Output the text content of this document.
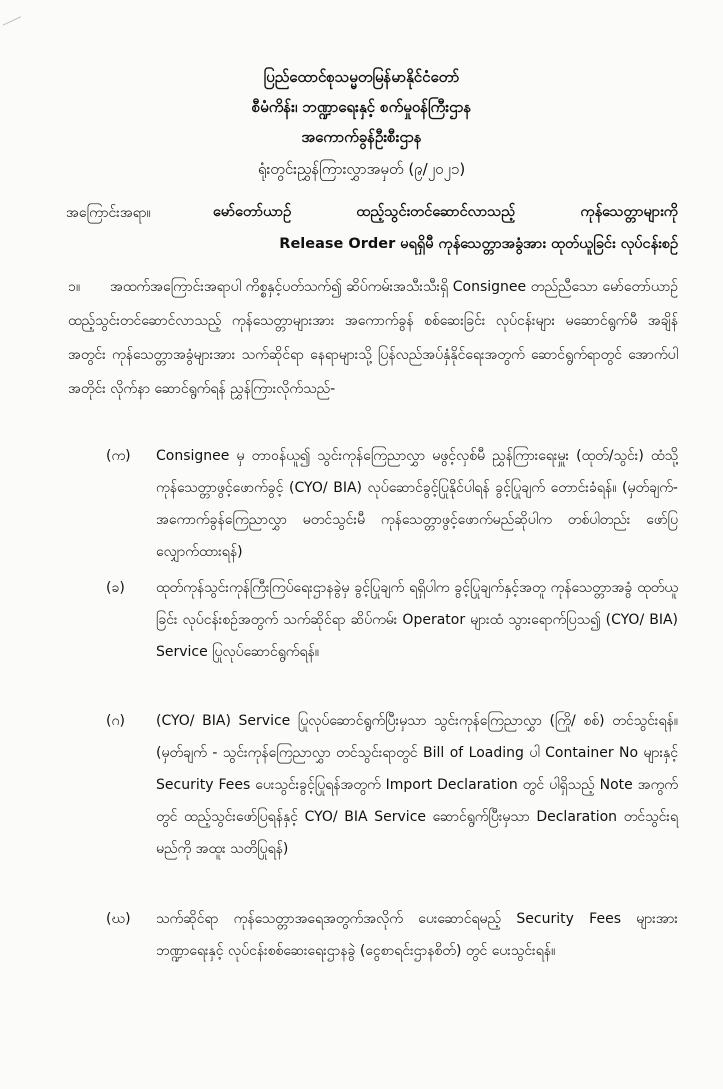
ပြည်ထောင်စုသမ္မတမြန်မာနိုင်ငံတော်
စီမံကိန်း၊ ဘဏ္ဍာရေးနှင့် စက်မှုဝန်ကြီးဌာန
အကောက်ခွန်ဦးစီးဌာန
ရုံးတွင်းညွှန်ကြားလွှာအမှတ် (၉/၂၀၂၁)
အကြောင်းအရာ။	မော်တော်ယာဉ် ထည့်သွင်းတင်ဆောင်လာသည့် ကုန်သေတ္တာများကို
Release Order မရရှိမီ ကုန်သေတ္တာအခွံအား ထုတ်ယူခြင်း လုပ်ငန်းစဉ်
၁။ အထက်အကြောင်းအရာပါ ကိစ္စနှင့်ပတ်သက်၍ ဆိပ်ကမ်းအသီးသီးရှိ Consignee တည်ညီသော မော်တော်ယာဉ် ထည့်သွင်းတင်ဆောင်လာသည့် ကုန်သေတ္တာများအား အကောက်ခွန် စစ်ဆေးခြင်း လုပ်ငန်းများ မဆောင်ရွက်မီ အချိန်အတွင်း ကုန်သေတ္တာအခွံများအား သက်ဆိုင်ရာ နေရာများသို့ ပြန်လည်အပ်နှံနိုင်ရေးအတွက် ဆောင်ရွက်ရာတွင် အောက်ပါအတိုင်း လိုက်နာ ဆောင်ရွက်ရန် ညွှန်ကြားလိုက်သည်-
(က)	Consignee မှ တာဝန်ယူ၍ သွင်းကုန်ကြေညာလွှာ မဖွင့်လှစ်မီ ညွှန်ကြားရေးမှူး (ထုတ်/သွင်း) ထံသို့ ကုန်သေတ္တာဖွင့်ဖောက်ခွင့် (CYO/ BIA) လုပ်ဆောင်ခွင့်ပြုနိုင်ပါရန် ခွင့်ပြုချက် တောင်းခံရန်။ (မှတ်ချက်- အကောက်ခွန်ကြေညာလွှာ မတင်သွင်းမီ ကုန်သေတ္တာဖွင့်ဖောက်မည်ဆိုပါက တစ်ပါတည်း ဖော်ပြလျှောက်ထားရန်)
(ခ)	ထုတ်ကုန်သွင်းကုန်ကြီးကြပ်ရေးဌာနခွဲမှ ခွင့်ပြုချက် ရရှိပါက ခွင့်ပြုချက်နှင့်အတူ ကုန်သေတ္တာအခွံ ထုတ်ယူခြင်း လုပ်ငန်းစဉ်အတွက် သက်ဆိုင်ရာ ဆိပ်ကမ်း Operator များထံ သွားရောက်ပြသ၍ (CYO/ BIA) Service ပြုလုပ်ဆောင်ရွက်ရန်။
(ဂ)	(CYO/ BIA) Service ပြုလုပ်ဆောင်ရွက်ပြီးမှသာ သွင်းကုန်ကြေညာလွှာ (ကြို/ စစ်) တင်သွင်းရန်။ (မှတ်ချက် - သွင်းကုန်ကြေညာလွှာ တင်သွင်းရာတွင် Bill of Loading ပါ Container No များနှင့် Security Fees ပေးသွင်းခွင့်ပြုရန်အတွက် Import Declaration တွင် ပါရှိသည့် Note အကွက်တွင် ထည့်သွင်းဖော်ပြရန်နှင့် CYO/ BIA Service ဆောင်ရွက်ပြီးမှသာ Declaration တင်သွင်းရမည်ကို အထူး သတိပြုရန်)
(ဃ)	သက်ဆိုင်ရာ ကုန်သေတ္တာအရေအတွက်အလိုက် ပေးဆောင်ရမည့် Security Fees များအား ဘဏ္ဍာရေးနှင့် လုပ်ငန်းစစ်ဆေးရေးဌာနခွဲ (ငွေစာရင်းဌာနစိတ်) တွင် ပေးသွင်းရန်။
